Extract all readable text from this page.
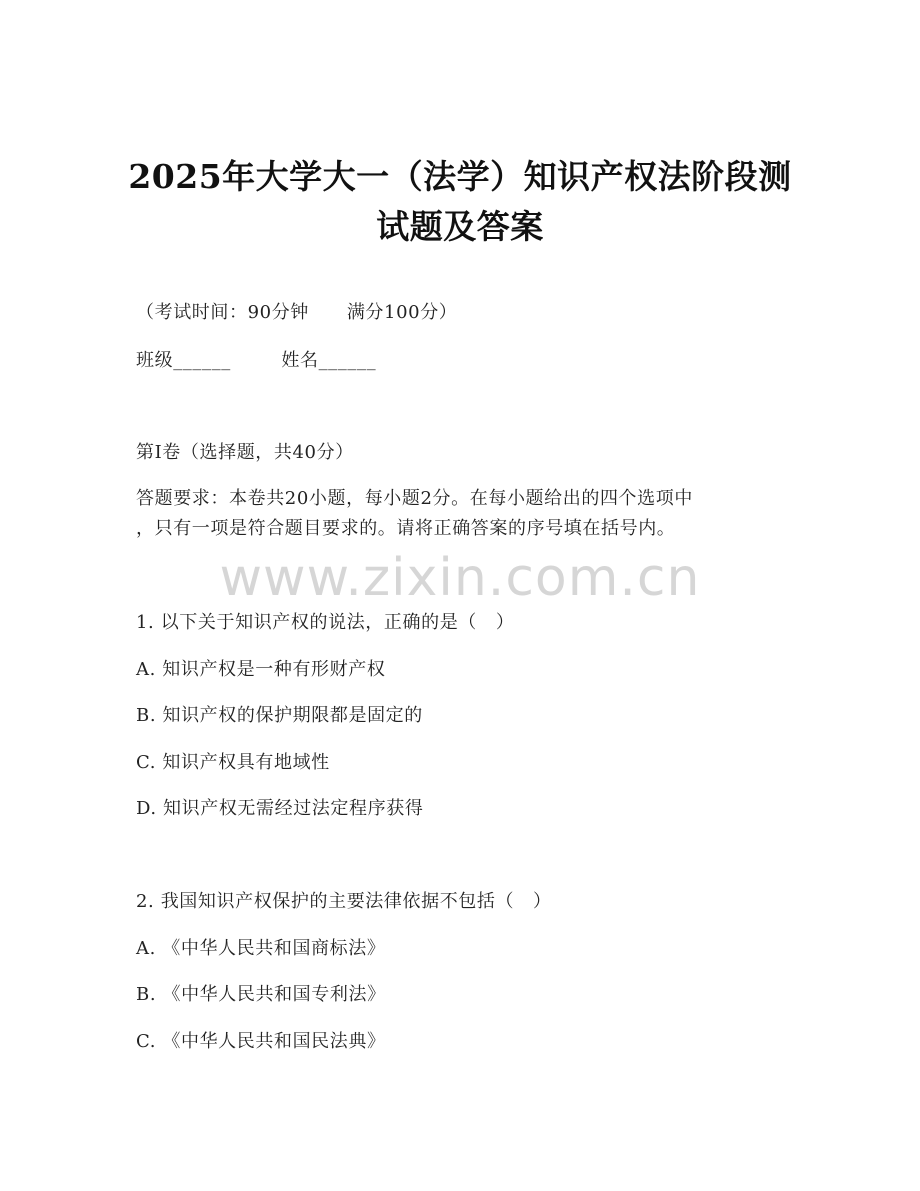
2025年大学大一（法学）知识产权法阶段测
试题及答案
（考试时间：90分钟      满分100分）
班级______        姓名______
第I卷（选择题，共40分）
答题要求：本卷共20小题，每小题2分。在每小题给出的四个选项中
，只有一项是符合题目要求的。请将正确答案的序号填在括号内。
www.zixin.com.cn
1. 以下关于知识产权的说法，正确的是（   ）
A. 知识产权是一种有形财产权
B. 知识产权的保护期限都是固定的
C. 知识产权具有地域性
D. 知识产权无需经过法定程序获得
2. 我国知识产权保护的主要法律依据不包括（   ）
A. 《中华人民共和国商标法》
B. 《中华人民共和国专利法》
C. 《中华人民共和国民法典》
